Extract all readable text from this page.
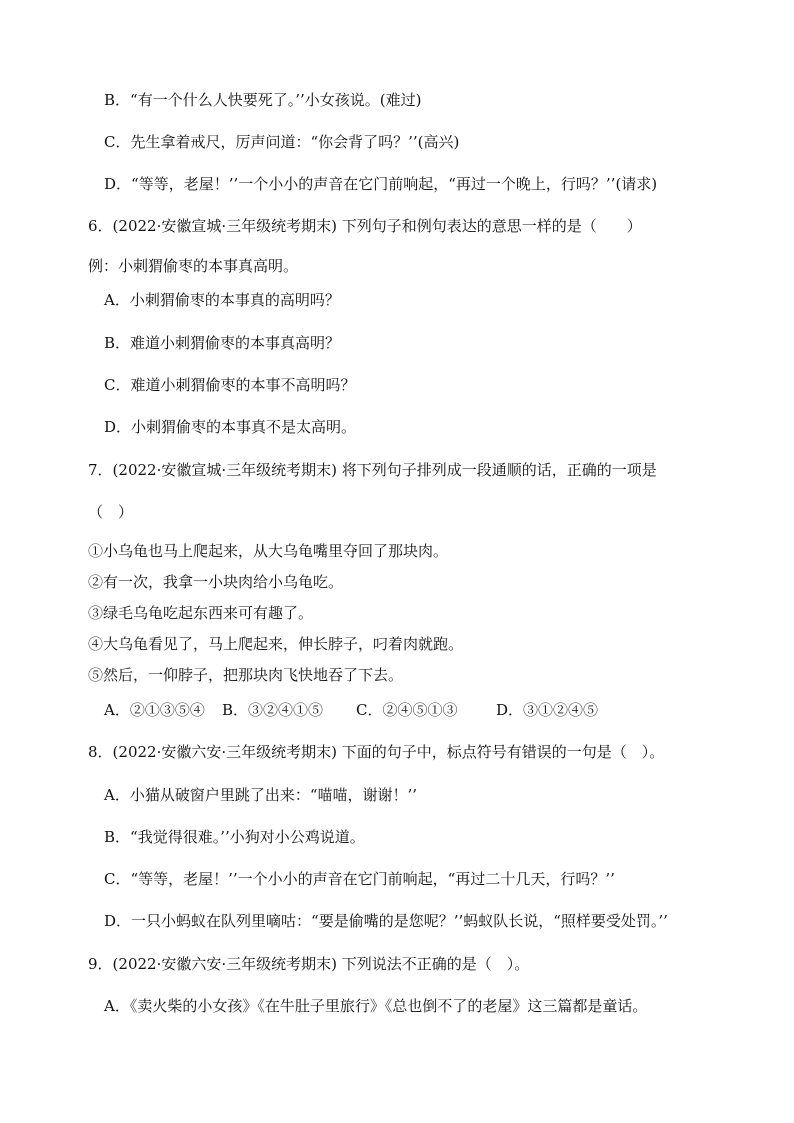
B．“有一个什么人快要死了。’’小女孩说。(难过)
C．先生拿着戒尺，厉声问道：“你会背了吗？’’(高兴)
D．“等等，老屋！’’一个小小的声音在它门前响起，“再过一个晚上，行吗？’’(请求)
6．(2022·安徽宣城·三年级统考期末) 下列句子和例句表达的意思一样的是（　　）
例：小刺猬偷枣的本事真高明。
A．小刺猬偷枣的本事真的高明吗？
B．难道小刺猬偷枣的本事真高明？
C．难道小刺猬偷枣的本事不高明吗？
D．小刺猬偷枣的本事真不是太高明。
7．(2022·安徽宣城·三年级统考期末) 将下列句子排列成一段通顺的话，正确的一项是
（　）
①小乌龟也马上爬起来，从大乌龟嘴里夺回了那块肉。
②有一次，我拿一小块肉给小乌龟吃。
③绿毛乌龟吃起东西来可有趣了。
④大乌龟看见了，马上爬起来，伸长脖子，叼着肉就跑。
⑤然后，一仰脖子，把那块肉飞快地吞了下去。
A．②①③⑤④ B．③②④①⑤ C．②④⑤①③	D．③①②④⑤
8．(2022·安徽六安·三年级统考期末) 下面的句子中，标点符号有错误的一句是（　）。
A．小猫从破窗户里跳了出来：“喵喵，谢谢！’’
B．“我觉得很难。’’小狗对小公鸡说道。
C．“等等，老屋！’’一个小小的声音在它门前响起，“再过二十几天，行吗？’’
D．一只小蚂蚁在队列里嘀咕：“要是偷嘴的是您呢？’’蚂蚁队长说，“照样要受处罚。’’
9．(2022·安徽六安·三年级统考期末) 下列说法不正确的是（　）。
A．《卖火柴的小女孩》《在牛肚子里旅行》《总也倒不了的老屋》这三篇都是童话。
